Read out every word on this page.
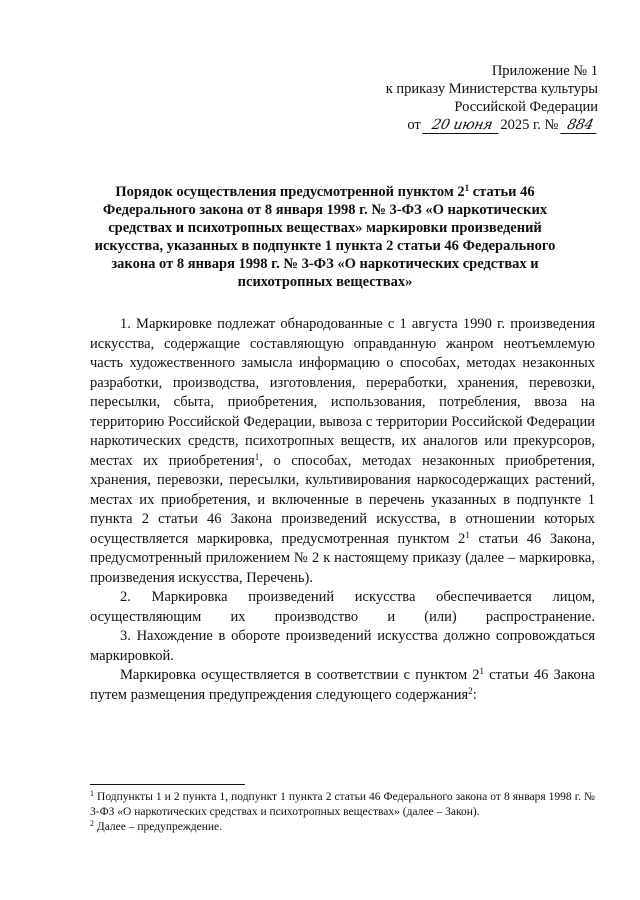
Приложение № 1
к приказу Министерства культуры
Российской Федерации
от 20 июня 2025 г. № 884
Порядок осуществления предусмотренной пунктом $2^1$ статьи 46 Федерального закона от 8 января 1998 г. № 3-ФЗ «О наркотических средствах и психотропных веществах» маркировки произведений искусства, указанных в подпункте 1 пункта 2 статьи 46 Федерального закона от 8 января 1998 г. № 3-ФЗ «О наркотических средствах и психотропных веществах»

1. Маркировке подлежат обнародованные с 1 августа 1990 г. произведения искусства, содержащие составляющую оправданную жанром неотъемлемую часть художественного замысла информацию о способах, методах незаконных разработки, производства, изготовления, переработки, хранения, перевозки, пересылки, сбыта, приобретения, использования, потребления, ввоза на территорию Российской Федерации, вывоза с территории Российской Федерации наркотических средств, психотропных веществ, их аналогов или прекурсоров, местах их приобретения$^1$, о способах, методах незаконных приобретения, хранения, перевозки, пересылки, культивирования наркосодержащих растений, местах их приобретения, и включенные в перечень указанных в подпункте 1 пункта 2 статьи 46 Закона произведений искусства, в отношении которых осуществляется маркировка, предусмотренная пунктом $2^1$ статьи 46 Закона, предусмотренный приложением № 2 к настоящему приказу (далее – маркировка, произведения искусства, Перечень).

2. Маркировка произведений искусства обеспечивается лицом, осуществляющим их производство и (или) распространение.

3. Нахождение в обороте произведений искусства должно сопровождаться маркировкой.

Маркировка осуществляется в соответствии с пунктом $2^1$ статьи 46 Закона путем размещения предупреждения следующего содержания$^2$:

$^1$ Подпункты 1 и 2 пункта 1, подпункт 1 пункта 2 статьи 46 Федерального закона от 8 января 1998 г. № 3-ФЗ «О наркотических средствах и психотропных веществах» (далее – Закон).

$^2$ Далее – предупреждение.
